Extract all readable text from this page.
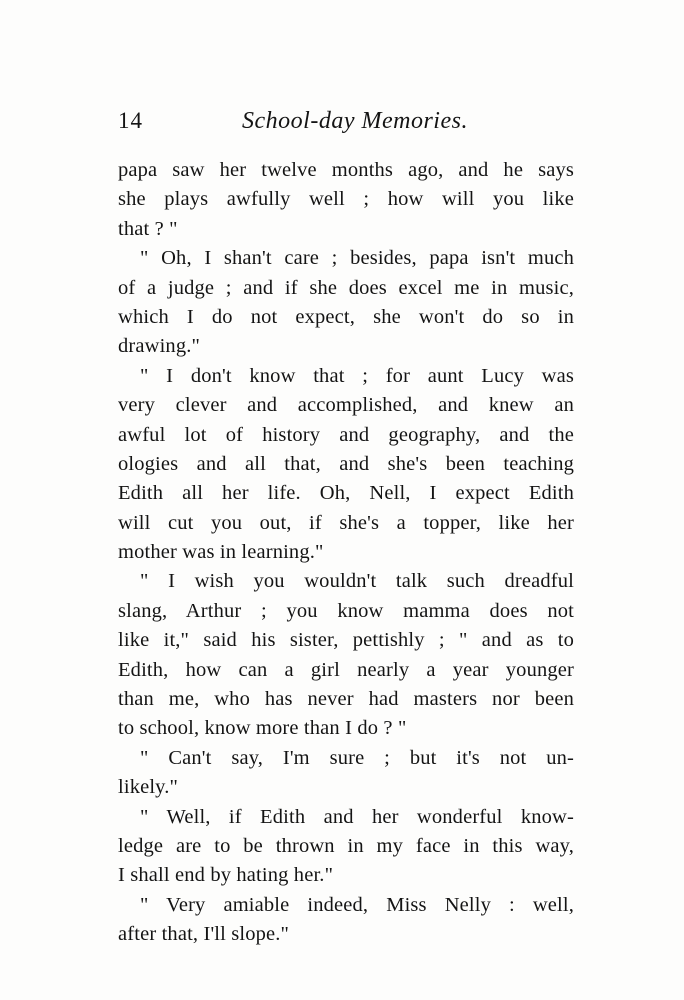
14	School-day Memories.
papa saw her twelve months ago, and he says
she plays awfully well ; how will you like
that ? "
" Oh, I shan't care ; besides, papa isn't much
of a judge ; and if she does excel me in music,
which I do not expect, she won't do so in
drawing."
" I don't know that ; for aunt Lucy was
very clever and accomplished, and knew an
awful lot of history and geography, and the
ologies and all that, and she's been teaching
Edith all her life. Oh, Nell, I expect Edith
will cut you out, if she's a topper, like her
mother was in learning."
" I wish you wouldn't talk such dreadful
slang, Arthur ; you know mamma does not
like it," said his sister, pettishly ; " and as to
Edith, how can a girl nearly a year younger
than me, who has never had masters nor been
to school, know more than I do ? "
" Can't say, I'm sure ; but it's not un-
likely."
" Well, if Edith and her wonderful know-
ledge are to be thrown in my face in this way,
I shall end by hating her."
" Very amiable indeed, Miss Nelly : well,
after that, I'll slope."
